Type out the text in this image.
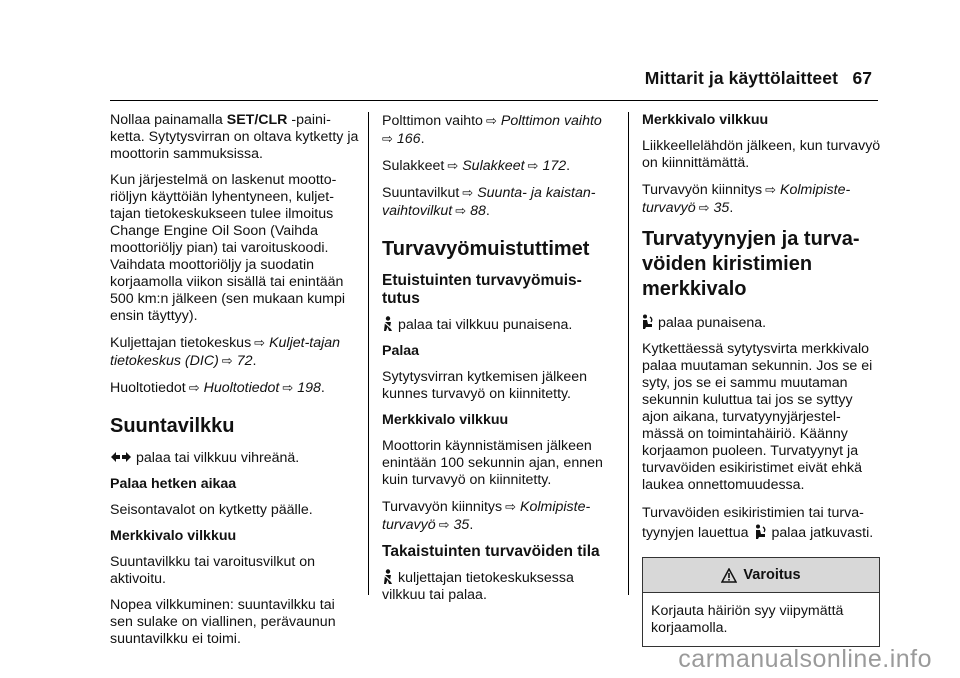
Mittarit ja käyttölaitteet 67

Nollaa painamalla SET/CLR -paini-ketta. Sytytysvirran on oltava kytketty ja moottorin sammuksissa.

Kun järjestelmä on laskenut mootto-riöljyn käyttöiän lyhentyneen, kuljet-tajan tietokeskukseen tulee ilmoitus Change Engine Oil Soon (Vaihda moottoriöljy pian) tai varoituskoodi. Vaihdata moottoriöljy ja suodatin korjaamolla viikon sisällä tai enintään 500 km:n jälkeen (sen mukaan kumpi ensin täyttyy).

Kuljettajan tietokeskus ⇨ Kuljet-tajan tietokeskus (DIC) ⇨ 72.

Huoltotiedot ⇨ Huoltotiedot ⇨ 198.

Suuntavilkku

palaa tai vilkkuu vihreänä.

Palaa hetken aikaa

Seisontavalot on kytketty päälle.

Merkkivalo vilkkuu

Suuntavilkku tai varoitusvilkut on aktivoitu.

Nopea vilkkuminen: suuntavilkku tai sen sulake on viallinen, perävaunun suuntavilkku ei toimi.

Polttimon vaihto ⇨ Polttimon vaihto
⇨ 166.

Sulakkeet ⇨ Sulakkeet ⇨ 172.

Suuntavilkut ⇨ Suunta- ja kaistan-vaihtovilkut ⇨ 88.

Turvavyömuistuttimet
Etuistuinten turvavyömuis-tutus

palaa tai vilkkuu punaisena.

Palaa

Sytytysvirran kytkemisen jälkeen kunnes turvavyö on kiinnitetty.

Merkkivalo vilkkuu

Moottorin käynnistämisen jälkeen enintään 100 sekunnin ajan, ennen kuin turvavyö on kiinnitetty.

Turvavyön kiinnitys ⇨ Kolmipiste-turvavyö ⇨ 35.

Takaistuinten turvavöiden tila

kuljettajan tietokeskuksessa vilkkuu tai palaa.

Merkkivalo vilkkuu

Liikkeellelähdön jälkeen, kun turvavyö on kiinnittämättä.

Turvavyön kiinnitys ⇨ Kolmipiste-turvavyö ⇨ 35.

Turvatyynyjen ja turva-vöiden kiristimien merkkivalo

palaa punaisena.

Kytkettäessä sytytysvirta merkkivalo palaa muutaman sekunnin. Jos se ei syty, jos se ei sammu muutaman sekunnin kuluttua tai jos se syttyy ajon aikana, turvatyynyjärjestel-mässä on toimintahäiriö. Käänny korjaamon puoleen. Turvatyynyt ja turvavöiden esikiristimet eivät ehkä laukea onnettomuudessa.

Turvavöiden esikiristimien tai turva-tyynyjen lauettua palaa jatkuvasti.

Varoitus
Korjauta häiriön syy viipymättä korjaamolla.
carmanualsonline.info
